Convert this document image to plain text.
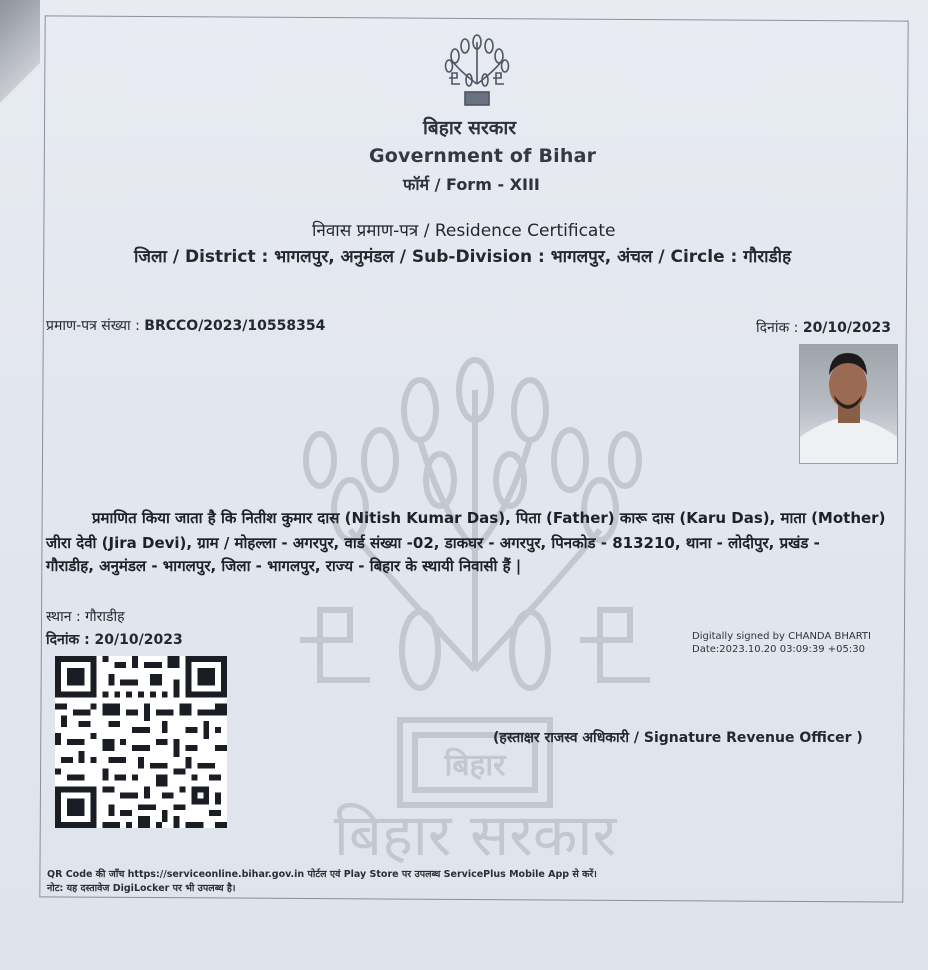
बिहार
बिहार सरकार
बिहार सरकार
Government of Bihar
फॉर्म / Form - XIII
निवास प्रमाण-पत्र / Residence Certificate
जिला / District : भागलपुर, अनुमंडल / Sub-Division : भागलपुर, अंचल / Circle : गौराडीह
प्रमाण-पत्र संख्या : BRCCO/2023/10558354	दिनांक : 20/10/2023
प्रमाणित किया जाता है कि नितीश कुमार दास (Nitish Kumar Das), पिता (Father) कारू दास (Karu Das), माता (Mother)
जीरा देवी (Jira Devi), ग्राम / मोहल्ला - अगरपुर, वार्ड संख्या -02, डाकघर - अगरपुर, पिनकोड - 813210, थाना - लोदीपुर, प्रखंड -
गौराडीह, अनुमंडल - भागलपुर, जिला - भागलपुर, राज्य - बिहार के स्थायी निवासी हैं |
स्थान : गौराडीह
दिनांक : 20/10/2023	Digitally signed by CHANDA BHARTI
Date:2023.10.20 03:09:39 +05:30
(हस्ताक्षर राजस्व अधिकारी / Signature Revenue Officer )
QR Code की जाँच https://serviceonline.bihar.gov.in पोर्टल एवं Play Store पर उपलब्ध ServicePlus Mobile App से करें।
नोट: यह दस्तावेज DigiLocker पर भी उपलब्ध है।
